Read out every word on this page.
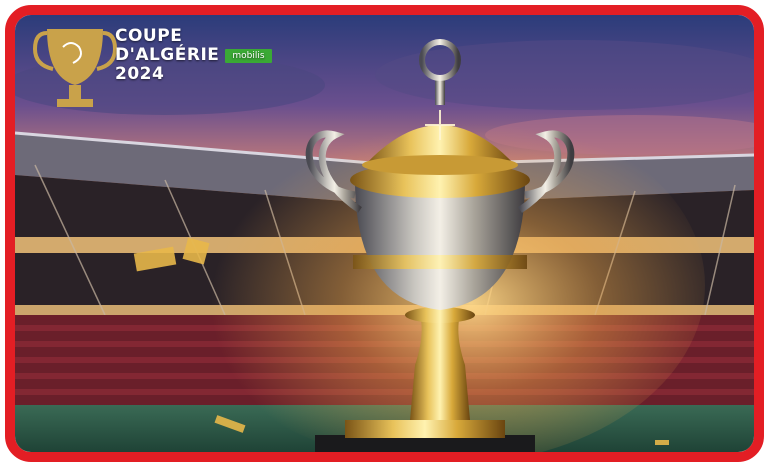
COUPE
D'ALGÉRIE	mobilis
2024
